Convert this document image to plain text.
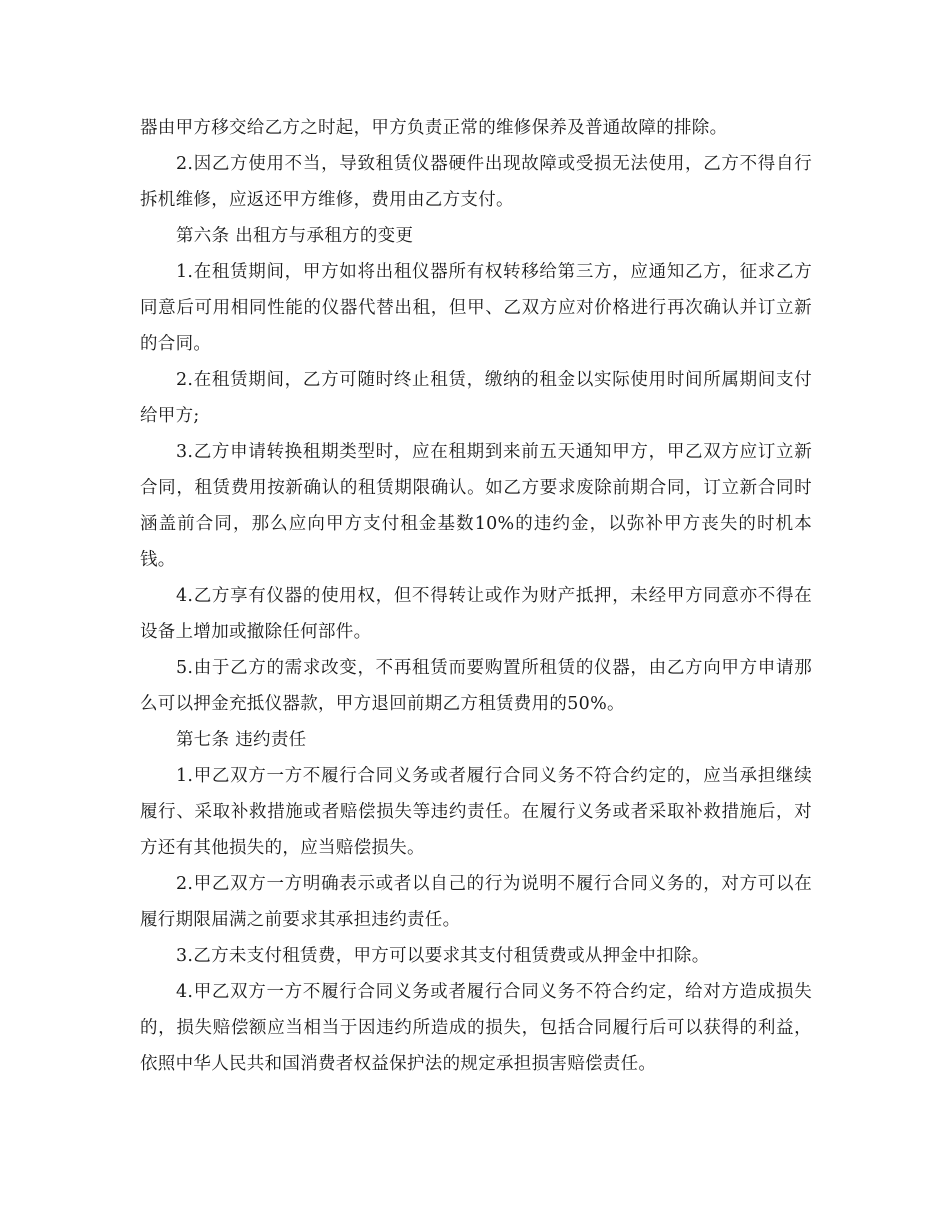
器由甲方移交给乙方之时起，甲方负责正常的维修保养及普通故障的排除。

2.因乙方使用不当，导致租赁仪器硬件出现故障或受损无法使用，乙方不得自行拆机维修，应返还甲方维修，费用由乙方支付。

第六条 出租方与承租方的变更

1.在租赁期间，甲方如将出租仪器所有权转移给第三方，应通知乙方，征求乙方同意后可用相同性能的仪器代替出租，但甲、乙双方应对价格进行再次确认并订立新的合同。

2.在租赁期间，乙方可随时终止租赁，缴纳的租金以实际使用时间所属期间支付给甲方;

3.乙方申请转换租期类型时，应在租期到来前五天通知甲方，甲乙双方应订立新合同，租赁费用按新确认的租赁期限确认。如乙方要求废除前期合同，订立新合同时涵盖前合同，那么应向甲方支付租金基数10%的违约金，以弥补甲方丧失的时机本钱。

4.乙方享有仪器的使用权，但不得转让或作为财产抵押，未经甲方同意亦不得在设备上增加或撤除任何部件。

5.由于乙方的需求改变，不再租赁而要购置所租赁的仪器，由乙方向甲方申请那么可以押金充抵仪器款，甲方退回前期乙方租赁费用的50%。

第七条 违约责任

1.甲乙双方一方不履行合同义务或者履行合同义务不符合约定的，应当承担继续履行、采取补救措施或者赔偿损失等违约责任。在履行义务或者采取补救措施后，对方还有其他损失的，应当赔偿损失。

2.甲乙双方一方明确表示或者以自己的行为说明不履行合同义务的，对方可以在履行期限届满之前要求其承担违约责任。

3.乙方未支付租赁费，甲方可以要求其支付租赁费或从押金中扣除。

4.甲乙双方一方不履行合同义务或者履行合同义务不符合约定，给对方造成损失的，损失赔偿额应当相当于因违约所造成的损失，包括合同履行后可以获得的利益，依照中华人民共和国消费者权益保护法的规定承担损害赔偿责任。
